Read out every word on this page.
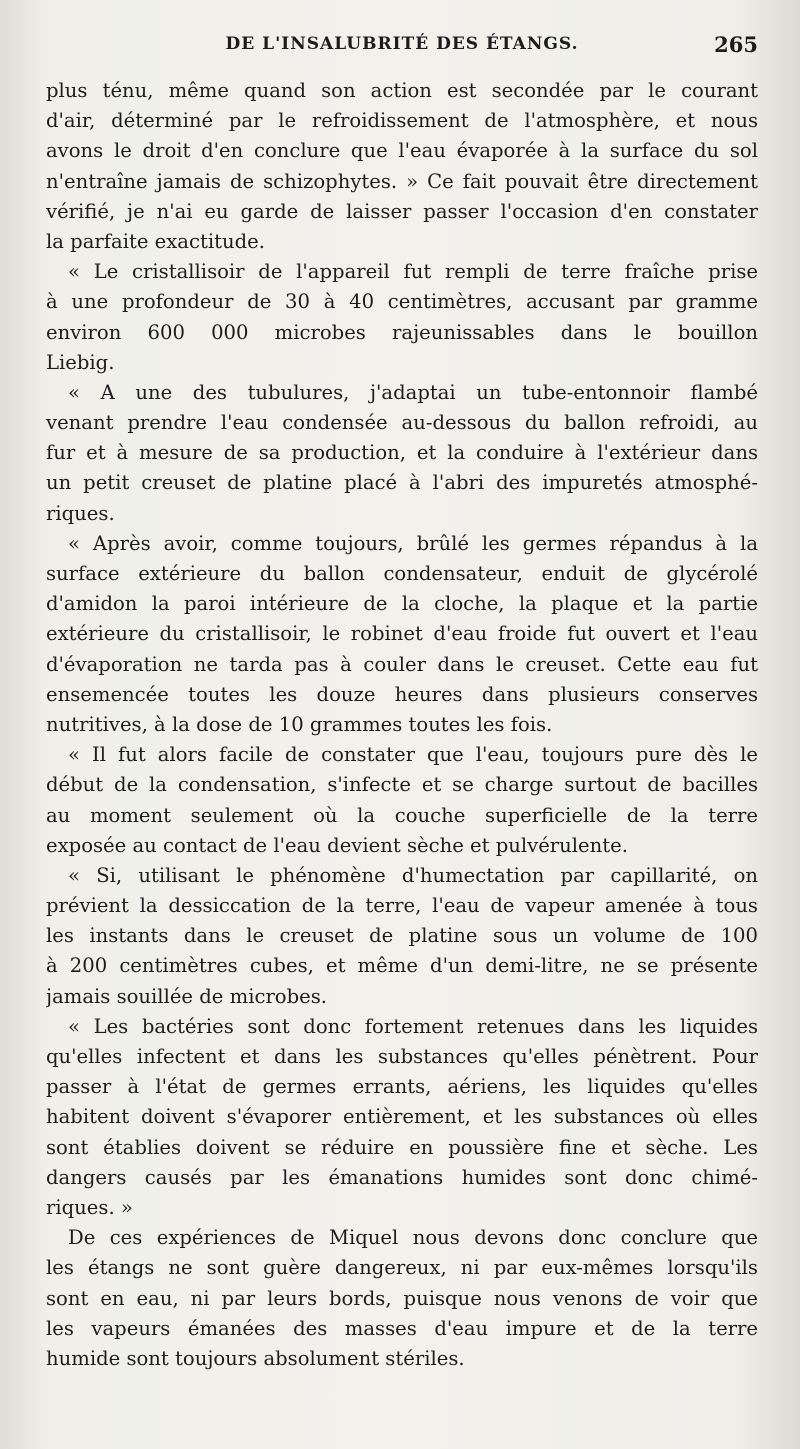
DE L'INSALUBRITÉ DES ÉTANGS.	265
plus ténu, même quand son action est secondée par le courant
d'air, déterminé par le refroidissement de l'atmosphère, et nous
avons le droit d'en conclure que l'eau évaporée à la surface du sol
n'entraîne jamais de schizophytes. » Ce fait pouvait être directement
vérifié, je n'ai eu garde de laisser passer l'occasion d'en constater
la parfaite exactitude.
« Le cristallisoir de l'appareil fut rempli de terre fraîche prise
à une profondeur de 30 à 40 centimètres, accusant par gramme
environ 600 000 microbes rajeunissables dans le bouillon
Liebig.
« A une des tubulures, j'adaptai un tube-entonnoir flambé
venant prendre l'eau condensée au-dessous du ballon refroidi, au
fur et à mesure de sa production, et la conduire à l'extérieur dans
un petit creuset de platine placé à l'abri des impuretés atmosphé-
riques.
« Après avoir, comme toujours, brûlé les germes répandus à la
surface extérieure du ballon condensateur, enduit de glycérolé
d'amidon la paroi intérieure de la cloche, la plaque et la partie
extérieure du cristallisoir, le robinet d'eau froide fut ouvert et l'eau
d'évaporation ne tarda pas à couler dans le creuset. Cette eau fut
ensemencée toutes les douze heures dans plusieurs conserves
nutritives, à la dose de 10 grammes toutes les fois.
« Il fut alors facile de constater que l'eau, toujours pure dès le
début de la condensation, s'infecte et se charge surtout de bacilles
au moment seulement où la couche superficielle de la terre
exposée au contact de l'eau devient sèche et pulvérulente.
« Si, utilisant le phénomène d'humectation par capillarité, on
prévient la dessiccation de la terre, l'eau de vapeur amenée à tous
les instants dans le creuset de platine sous un volume de 100
à 200 centimètres cubes, et même d'un demi-litre, ne se présente
jamais souillée de microbes.
« Les bactéries sont donc fortement retenues dans les liquides
qu'elles infectent et dans les substances qu'elles pénètrent. Pour
passer à l'état de germes errants, aériens, les liquides qu'elles
habitent doivent s'évaporer entièrement, et les substances où elles
sont établies doivent se réduire en poussière fine et sèche. Les
dangers causés par les émanations humides sont donc chimé-
riques. »
De ces expériences de Miquel nous devons donc conclure que
les étangs ne sont guère dangereux, ni par eux-mêmes lorsqu'ils
sont en eau, ni par leurs bords, puisque nous venons de voir que
les vapeurs émanées des masses d'eau impure et de la terre
humide sont toujours absolument stériles.
